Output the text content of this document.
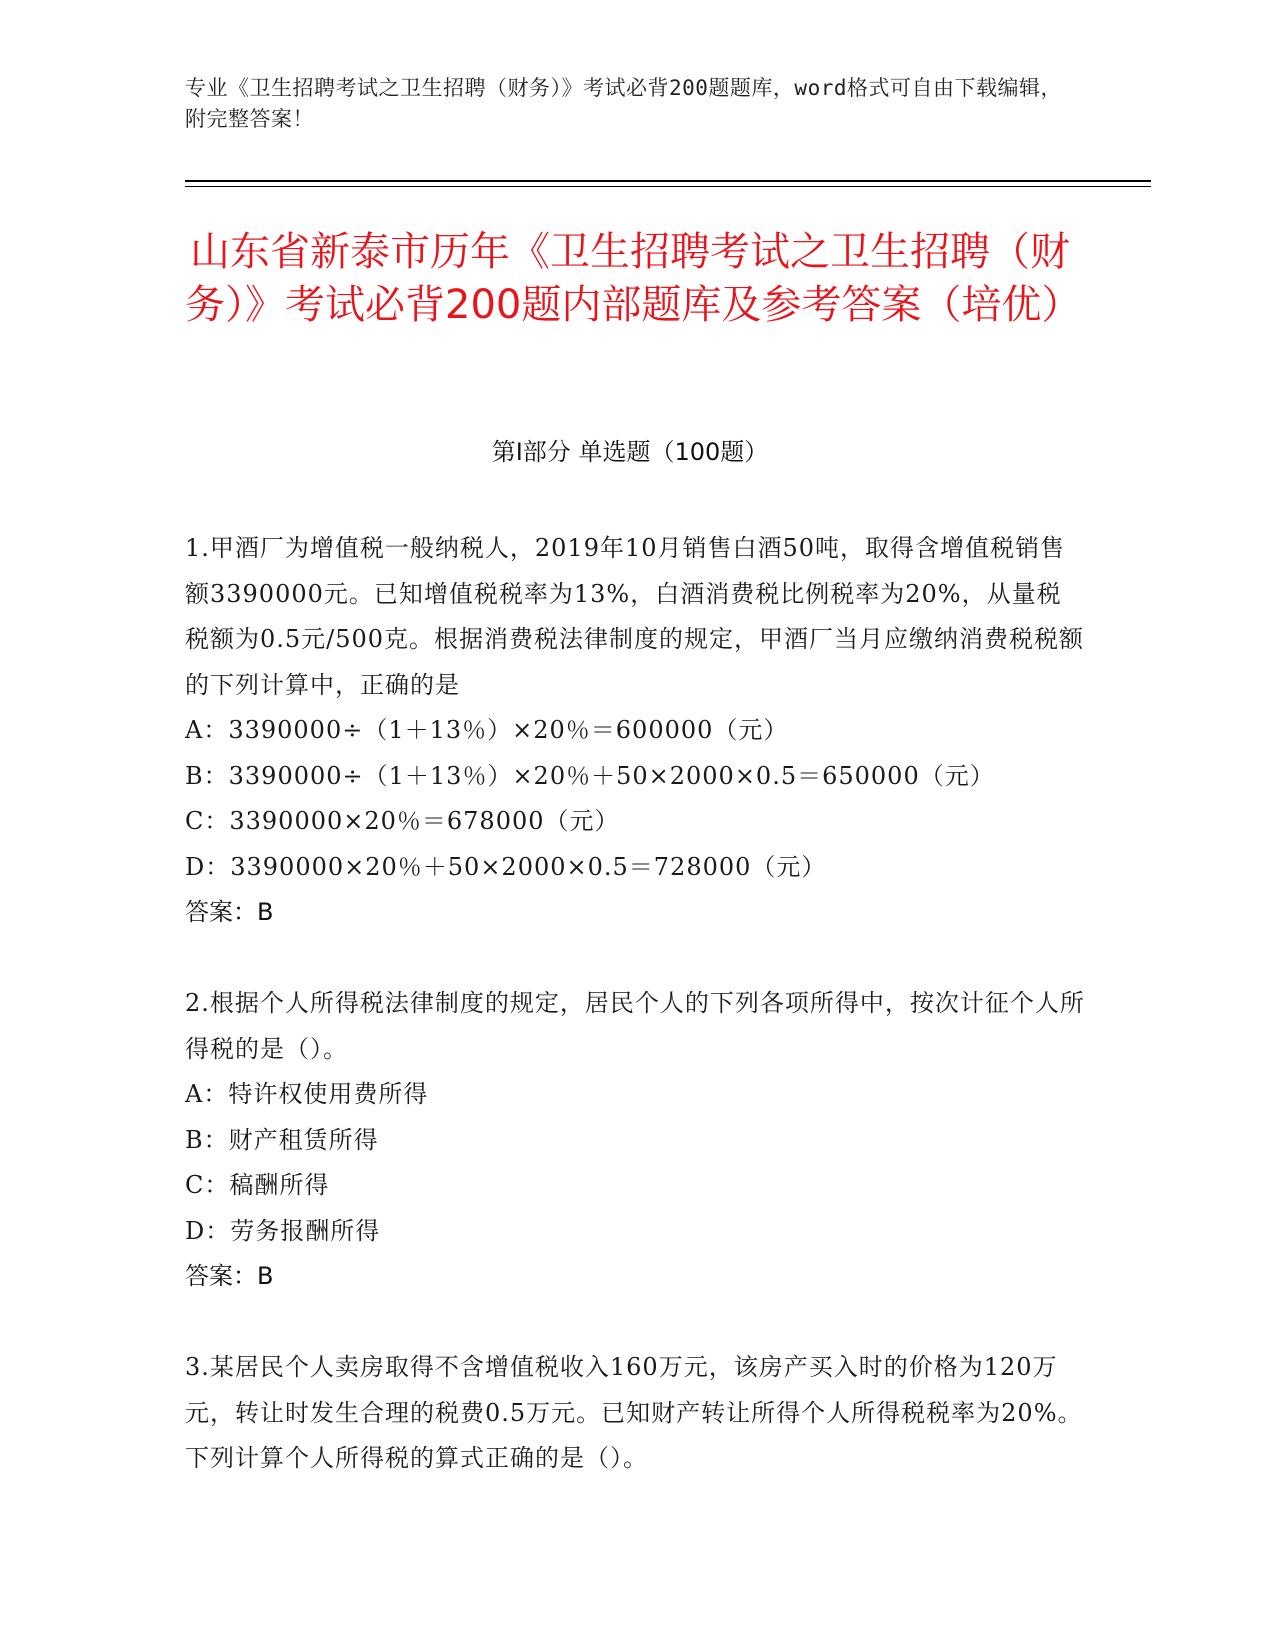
专业《卫生招聘考试之卫生招聘（财务）》考试必背200题题库，word格式可自由下载编辑，附完整答案！
山东省新泰市历年《卫生招聘考试之卫生招聘（财务）》考试必背200题内部题库及参考答案（培优）
第I部分 单选题（100题）

1.甲酒厂为增值税一般纳税人，2019年10月销售白酒50吨，取得含增值税销售额3390000元。已知增值税税率为13%，白酒消费税比例税率为20%，从量税税额为0.5元/500克。根据消费税法律制度的规定，甲酒厂当月应缴纳消费税税额的下列计算中，正确的是

A：3390000÷（1＋13％）×20％＝600000（元）

B：3390000÷（1＋13％）×20％＋50×2000×0.5＝650000（元）

C：3390000×20％＝678000（元）

D：3390000×20％＋50×2000×0.5＝728000（元）

答案：B

2.根据个人所得税法律制度的规定，居民个人的下列各项所得中，按次计征个人所得税的是（）。

A：特许权使用费所得

B：财产租赁所得

C：稿酬所得

D：劳务报酬所得

答案：B

3.某居民个人卖房取得不含增值税收入160万元，该房产买入时的价格为120万元，转让时发生合理的税费0.5万元。已知财产转让所得个人所得税税率为20%。下列计算个人所得税的算式正确的是（）。
